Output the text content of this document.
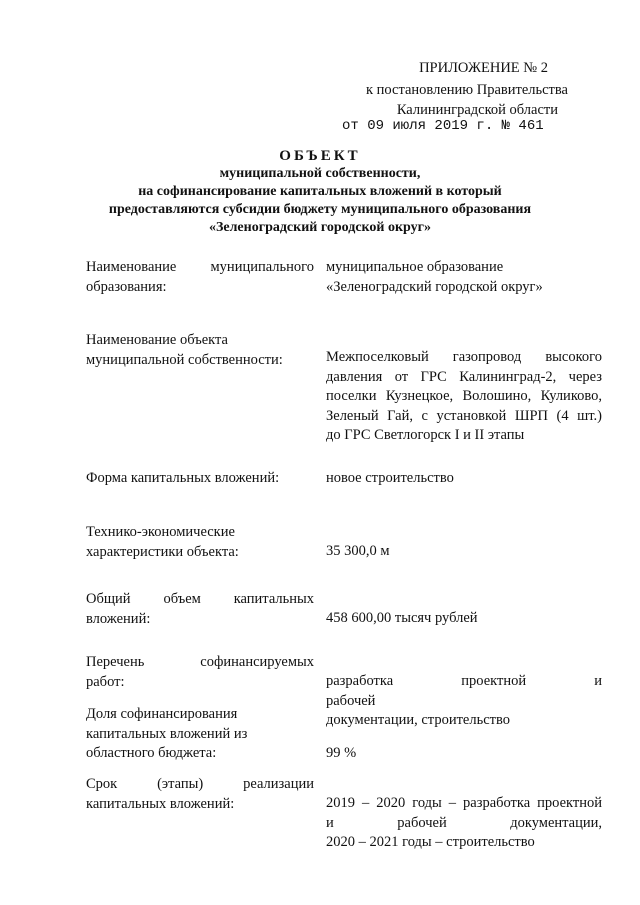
ПРИЛОЖЕНИЕ № 2
к постановлению Правительства
Калининградской области
от 09 июля 2019 г. № 461
ОБЪЕКТ
муниципальной собственности,
на софинансирование капитальных вложений в который
предоставляются субсидии бюджету муниципального образования
«Зеленоградский городской округ»
Наименование муниципального
образования:
муниципальное образование
«Зеленоградский городской округ»
Наименование объекта
муниципальной собственности:	Межпоселковый газопровод высокого
давления от ГРС Калининград-2, через
поселки Кузнецкое, Волошино, Куликово,
Зеленый Гай, с установкой ШРП (4 шт.)
до ГРС Светлогорск I и II этапы
Форма капитальных вложений:	новое строительство
Технико-экономические
характеристики объекта:	35 300,0 м
Общий объем капитальных
вложений:	458 600,00 тысяч рублей
Перечень софинансируемых
работ:	разработка проектной и рабочей
документации, строительство
Доля софинансирования
капитальных вложений из
областного бюджета:	99 %
Срок (этапы) реализации
капитальных вложений:	2019 – 2020 годы – разработка проектной
и рабочей документации,
2020 – 2021 годы – строительство
